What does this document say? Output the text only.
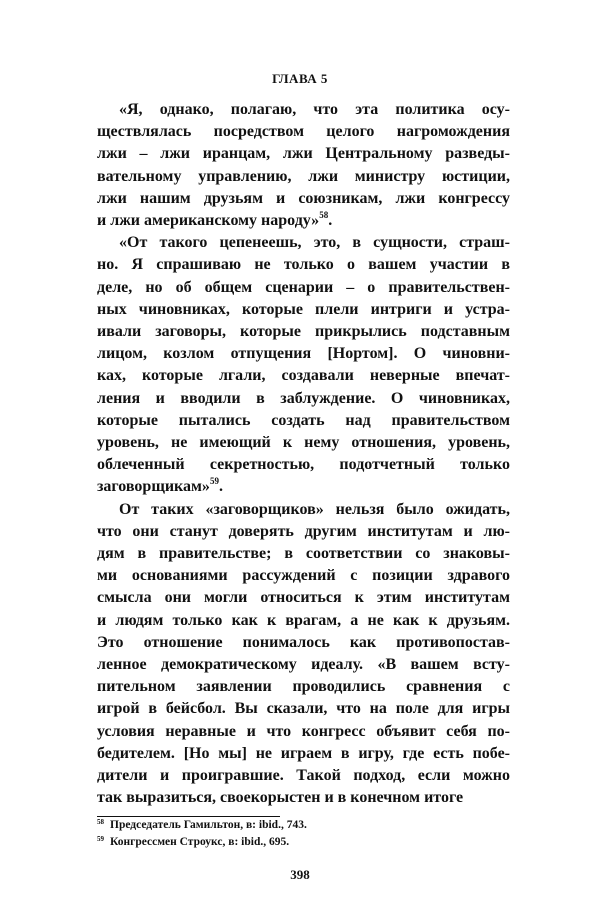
ГЛАВА 5
«Я, однако, полагаю, что эта политика осу-
ществлялась посредством целого нагромождения
лжи – лжи иранцам, лжи Центральному разведы-
вательному управлению, лжи министру юстиции,
лжи нашим друзьям и союзникам, лжи конгрессу
и лжи американскому народу»$^{58}$.
«От такого цепенеешь, это, в сущности, страш-
но. Я спрашиваю не только о вашем участии в
деле, но об общем сценарии – о правительствен-
ных чиновниках, которые плели интриги и устра-
ивали заговоры, которые прикрылись подставным
лицом, козлом отпущения [Нортом]. О чиновни-
ках, которые лгали, создавали неверные впечат-
ления и вводили в заблуждение. О чиновниках,
которые пытались создать над правительством
уровень, не имеющий к нему отношения, уровень,
облеченный секретностью, подотчетный только
заговорщикам»$^{59}$.
От таких «заговорщиков» нельзя было ожидать,
что они станут доверять другим институтам и лю-
дям в правительстве; в соответствии со знаковы-
ми основаниями рассуждений с позиции здравого
смысла они могли относиться к этим институтам
и людям только как к врагам, а не как к друзьям.
Это отношение понималось как противопостав-
ленное демократическому идеалу. «В вашем всту-
пительном заявлении проводились сравнения с
игрой в бейсбол. Вы сказали, что на поле для игры
условия неравные и что конгресс объявит себя по-
бедителем. [Но мы] не играем в игру, где есть побе-
дители и проигравшие. Такой подход, если можно
так выразиться, своекорыстен и в конечном итоге
$^{58}$ Председатель Гамильтон, в: ibid., 743.
$^{59}$ Конгрессмен Строукс, в: ibid., 695.
398
